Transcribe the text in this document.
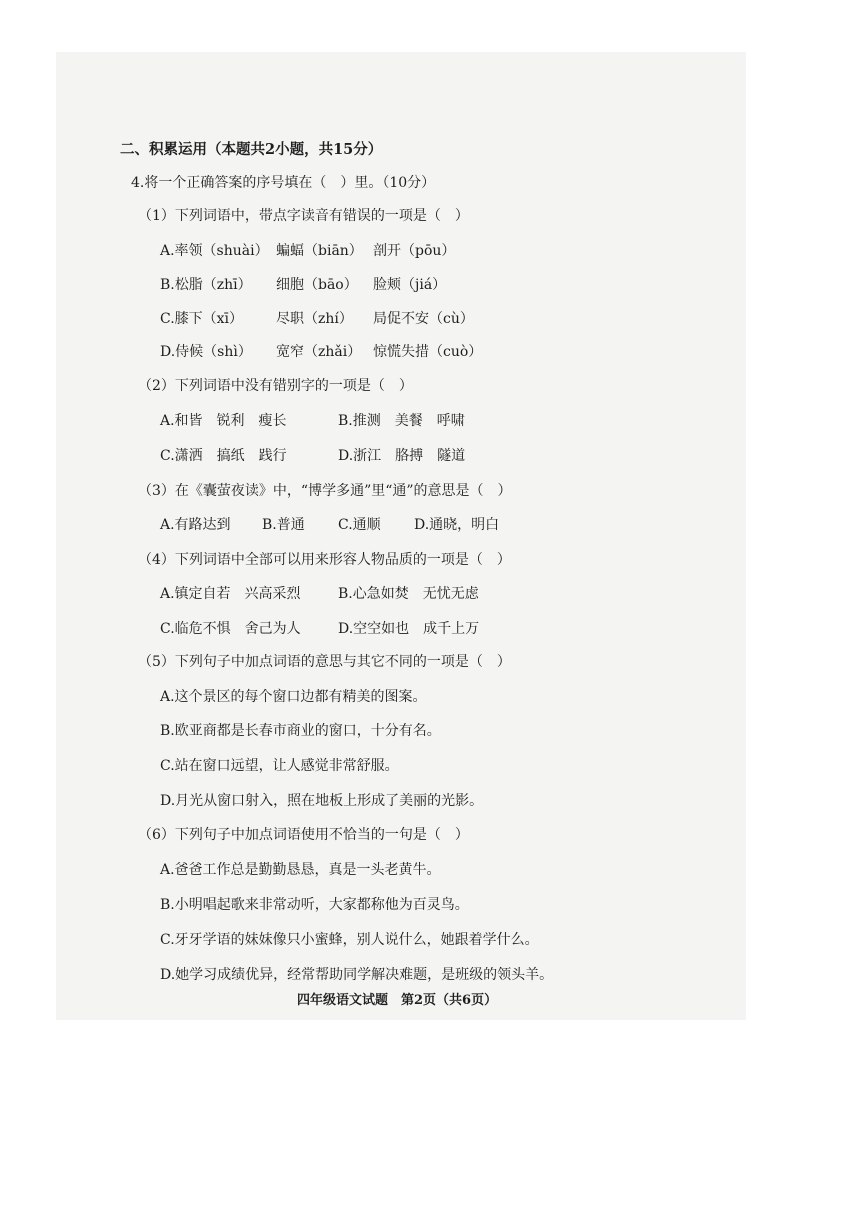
二、积累运用（本题共2小题，共15分）
4.将一个正确答案的序号填在（　）里。（10分）
（1）下列词语中，带点字读音有错误的一项是（　）
A.率领（shuài） 蝙蝠（biān） 剖开（pōu）
B.松脂（zhī） 细胞（bāo） 脸颊（jiá）
C.膝下（xī） 尽职（zhí） 局促不安（cù）
D.侍候（shì） 宽窄（zhǎi） 惊慌失措（cuò）
（2）下列词语中没有错别字的一项是（　）
A.和皆　锐利　瘦长	B.推测　美餐　呼啸
C.潇洒　搞纸　践行	D.浙江　胳搏　隧道
（3）在《囊萤夜读》中，“博学多通”里“通”的意思是（　）
A.有路达到 B.普通 C.通顺 D.通晓，明白
（4）下列词语中全部可以用来形容人物品质的一项是（　）
A.镇定自若　兴高采烈	B.心急如焚　无忧无虑
C.临危不惧　舍己为人	D.空空如也　成千上万
（5）下列句子中加点词语的意思与其它不同的一项是（　）
A.这个景区的每个窗口边都有精美的图案。
B.欧亚商都是长春市商业的窗口，十分有名。
C.站在窗口远望，让人感觉非常舒服。
D.月光从窗口射入，照在地板上形成了美丽的光影。
（6）下列句子中加点词语使用不恰当的一句是（　）
A.爸爸工作总是勤勤恳恳，真是一头老黄牛。
B.小明唱起歌来非常动听，大家都称他为百灵鸟。
C.牙牙学语的妹妹像只小蜜蜂，别人说什么，她跟着学什么。
D.她学习成绩优异，经常帮助同学解决难题，是班级的领头羊。
四年级语文试题　第2页（共6页）
